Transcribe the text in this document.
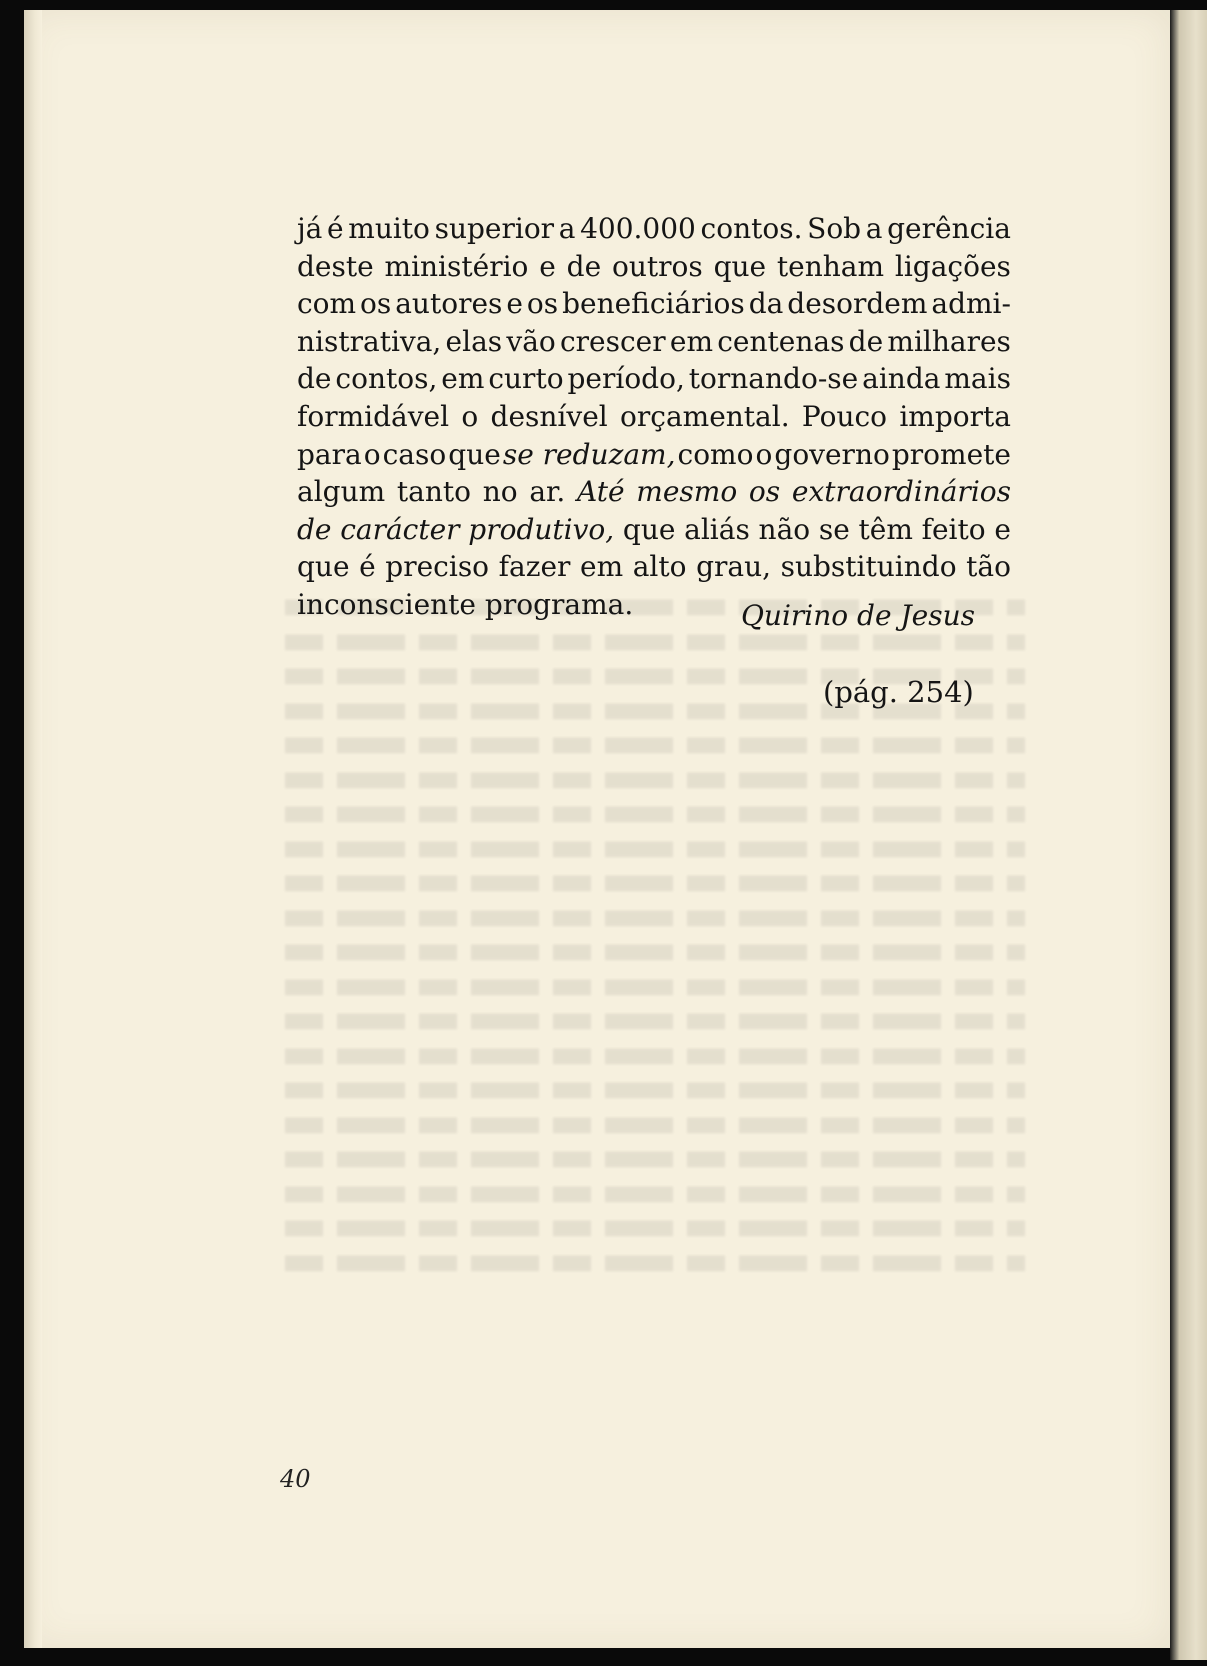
já é muito superior a 400.000 contos. Sob a gerência
deste ministério e de outros que tenham ligações
com os autores e os beneficiários da desordem admi-
nistrativa, elas vão crescer em centenas de milhares
de contos, em curto período, tornando-se ainda mais
formidável o desnível orçamental. Pouco importa
para o caso que se reduzam, como o governo promete
algum tanto no ar. Até mesmo os extraordinários
de carácter produtivo, que aliás não se têm feito e
que é preciso fazer em alto grau, substituindo tão
inconsciente programa.	Quirino de Jesus
(pág. 254)
40
